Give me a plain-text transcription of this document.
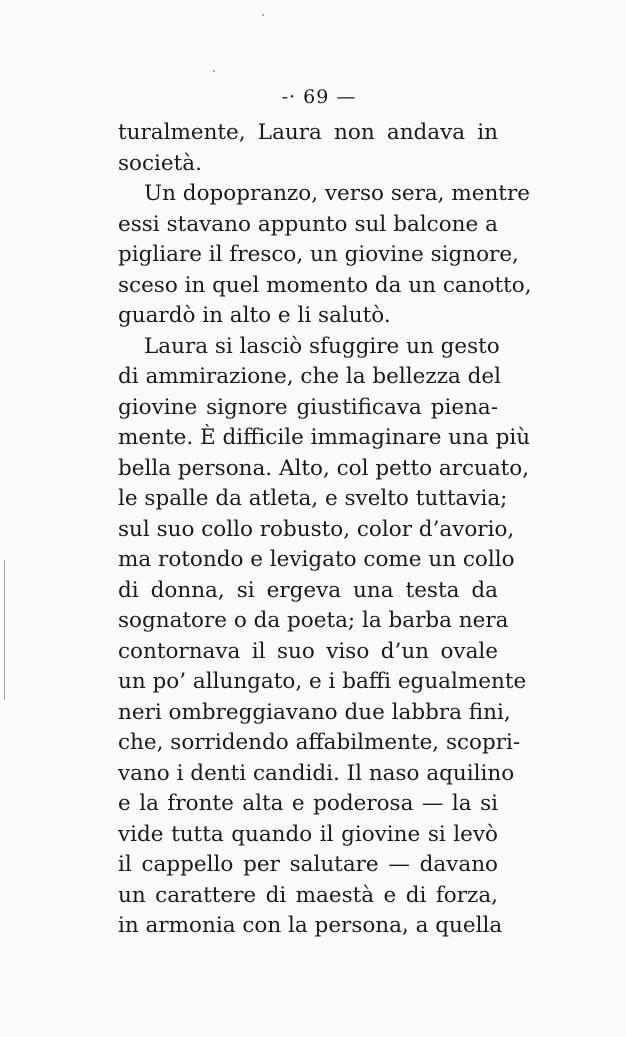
-· 69 —
turalmente, Laura non andava in
società.
Un dopopranzo, verso sera, mentre
essi stavano appunto sul balcone a
pigliare il fresco, un giovine signore,
sceso in quel momento da un canotto,
guardò in alto e li salutò.
Laura si lasciò sfuggire un gesto
di ammirazione, che la bellezza del
giovine signore giustificava piena-
mente. È difficile immaginare una più
bella persona. Alto, col petto arcuato,
le spalle da atleta, e svelto tuttavia;
sul suo collo robusto, color d’avorio,
ma rotondo e levigato come un collo
di donna, si ergeva una testa da
sognatore o da poeta; la barba nera
contornava il suo viso d’un ovale
un po’ allungato, e i baffi egualmente
neri ombreggiavano due labbra fini,
che, sorridendo affabilmente, scopri-
vano i denti candidi. Il naso aquilino
e la fronte alta e poderosa — la si
vide tutta quando il giovine si levò
il cappello per salutare — davano
un carattere di maestà e di forza,
in armonia con la persona, a quella
